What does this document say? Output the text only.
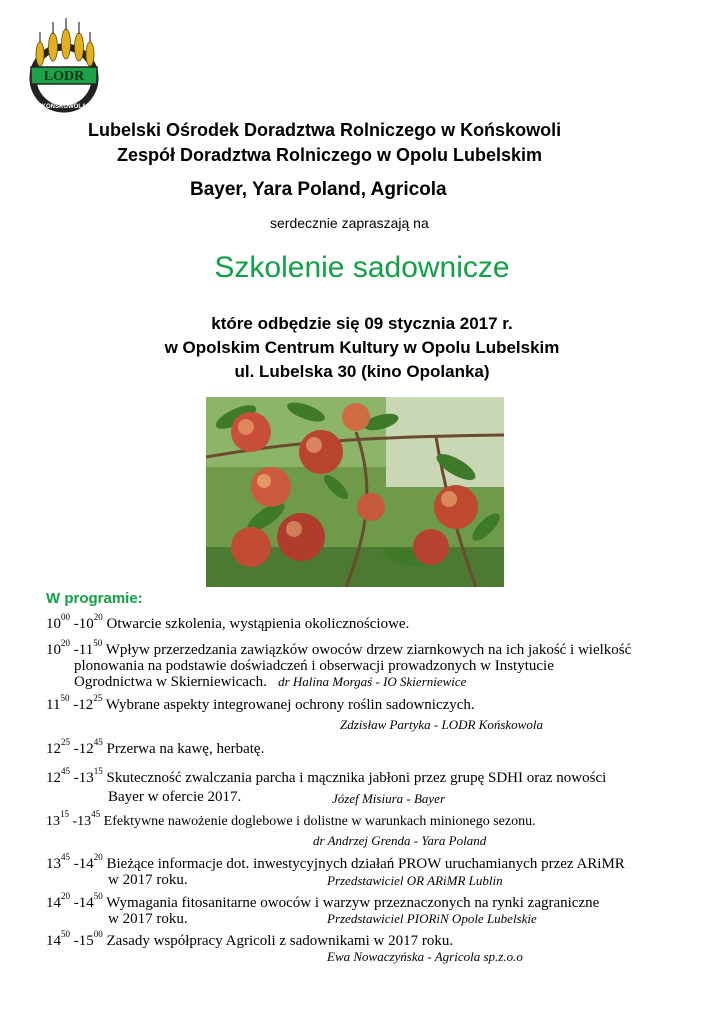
LODR
KOŃSKOWOLA
Lubelski Ośrodek Doradztwa Rolniczego w Końskowoli
Zespół Doradztwa Rolniczego w Opolu Lubelskim
Bayer, Yara Poland, Agricola
serdecznie zapraszają na
Szkolenie sadownicze
które odbędzie się 09 stycznia 2017 r.
w Opolskim Centrum Kultury w Opolu Lubelskim
ul. Lubelska 30 (kino Opolanka)
W programie:
$10^{00}$ $-10^{20}$ Otwarcie szkolenia, wystąpienia okolicznościowe.
$10^{20}$ $-11^{50}$ Wpływ przerzedzania zawiązków owoców drzew ziarnkowych na ich jakość i wielkość
plonowania na podstawie doświadczeń i obserwacji prowadzonych w Instytucie
Ogrodnictwa w Skierniewicach. dr Halina Morgaś - IO Skierniewice
$11^{50}$ $-12^{25}$ Wybrane aspekty integrowanej ochrony roślin sadowniczych.
Zdzisław Partyka - LODR Końskowola
$12^{25}$ $-12^{45}$ Przerwa na kawę, herbatę.
$12^{45}$ $-13^{15}$ Skuteczność zwalczania parcha i mącznika jabłoni przez grupę SDHI oraz nowości
Bayer w ofercie 2017.	Józef Misiura - Bayer
$13^{15}$ $-13^{45}$ Efektywne nawożenie doglebowe i dolistne w warunkach minionego sezonu.
dr Andrzej Grenda - Yara Poland
$13^{45}$ $-14^{20}$ Bieżące informacje dot. inwestycyjnych działań PROW uruchamianych przez ARiMR
w 2017 roku.	Przedstawiciel OR ARiMR Lublin
$14^{20}$ $-14^{50}$ Wymagania fitosanitarne owoców i warzyw przeznaczonych na rynki zagraniczne
w 2017 roku.	Przedstawiciel PIORiN Opole Lubelskie
$14^{50}$ $-15^{00}$ Zasady współpracy Agricoli z sadownikami w 2017 roku.
Ewa Nowaczyńska - Agricola sp.z.o.o
